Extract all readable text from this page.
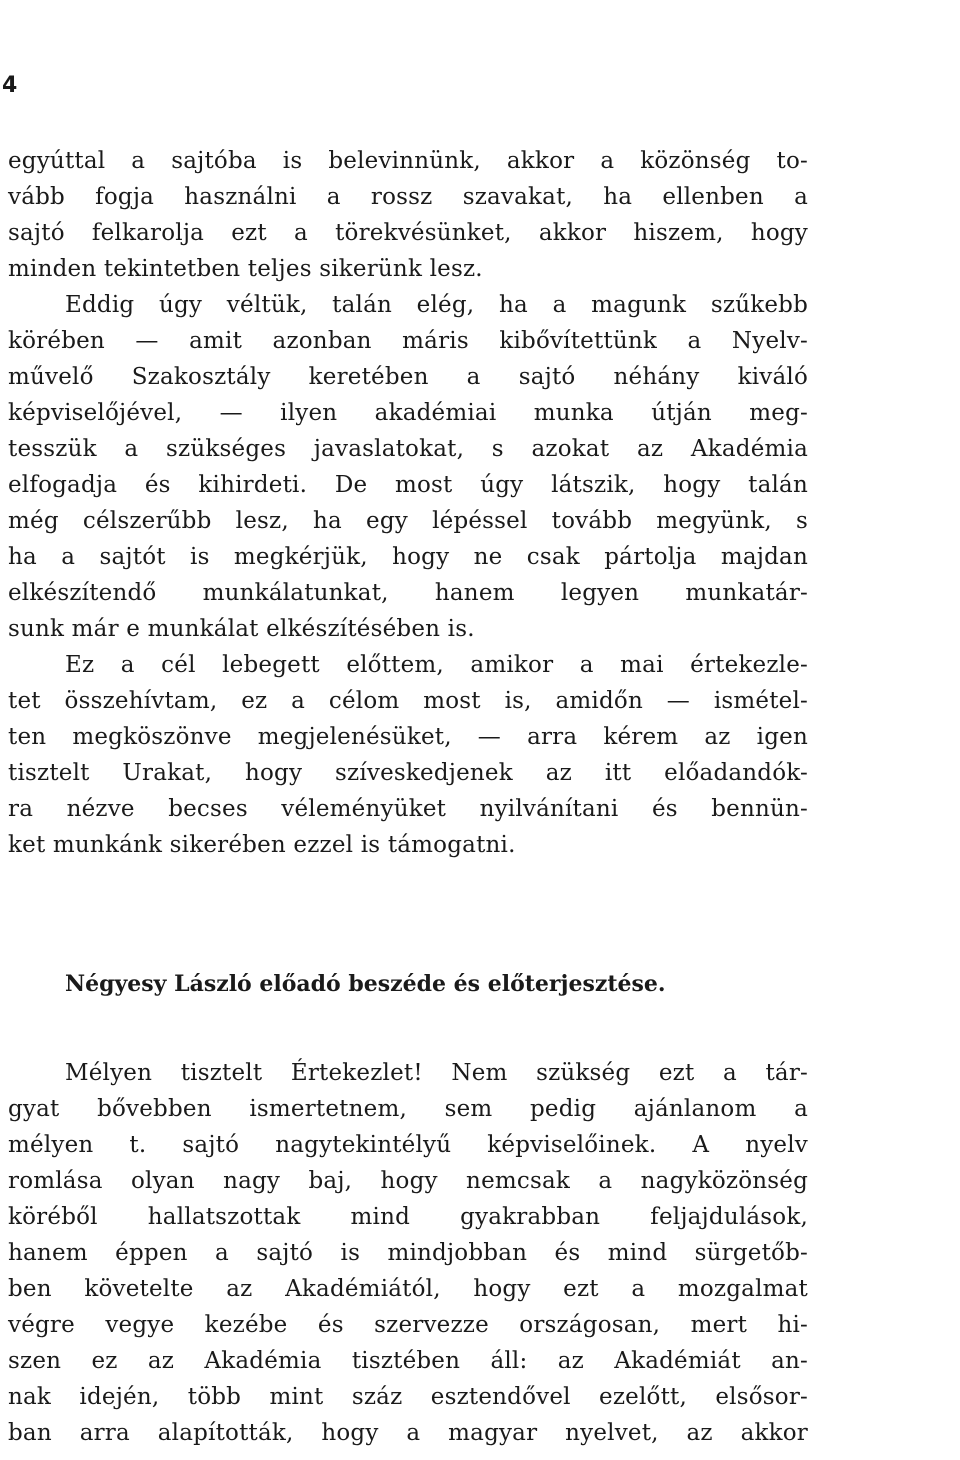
4
egyúttal a sajtóba is belevinnünk, akkor a közönség to-
vább fogja használni a rossz szavakat, ha ellenben a
sajtó felkarolja ezt a törekvésünket, akkor hiszem, hogy
minden tekintetben teljes sikerünk lesz.
Eddig úgy véltük, talán elég, ha a magunk szűkebb
körében — amit azonban máris kibővítettünk a Nyelv-
művelő Szakosztály keretében a sajtó néhány kiváló
képviselőjével, — ilyen akadémiai munka útján meg-
tesszük a szükséges javaslatokat, s azokat az Akadémia
elfogadja és kihirdeti. De most úgy látszik, hogy talán
még célszerűbb lesz, ha egy lépéssel tovább megyünk, s
ha a sajtót is megkérjük, hogy ne csak pártolja majdan
elkészítendő munkálatunkat, hanem legyen munkatár-
sunk már e munkálat elkészítésében is.
Ez a cél lebegett előttem, amikor a mai értekezle-
tet összehívtam, ez a célom most is, amidőn — ismétel-
ten megköszönve megjelenésüket, — arra kérem az igen
tisztelt Urakat, hogy szíveskedjenek az itt előadandók-
ra nézve becses véleményüket nyilvánítani és bennün-
ket munkánk sikerében ezzel is támogatni.
Négyesy László előadó beszéde és előterjesztése.
Mélyen tisztelt Értekezlet! Nem szükség ezt a tár-
gyat bővebben ismertetnem, sem pedig ajánlanom a
mélyen t. sajtó nagytekintélyű képviselőinek. A nyelv
romlása olyan nagy baj, hogy nemcsak a nagyközönség
köréből hallatszottak mind gyakrabban feljajdulások,
hanem éppen a sajtó is mindjobban és mind sürgetőb-
ben követelte az Akadémiától, hogy ezt a mozgalmat
végre vegye kezébe és szervezze országosan, mert hi-
szen ez az Akadémia tisztében áll: az Akadémiát an-
nak idején, több mint száz esztendővel ezelőtt, elsősor-
ban arra alapították, hogy a magyar nyelvet, az akkor
